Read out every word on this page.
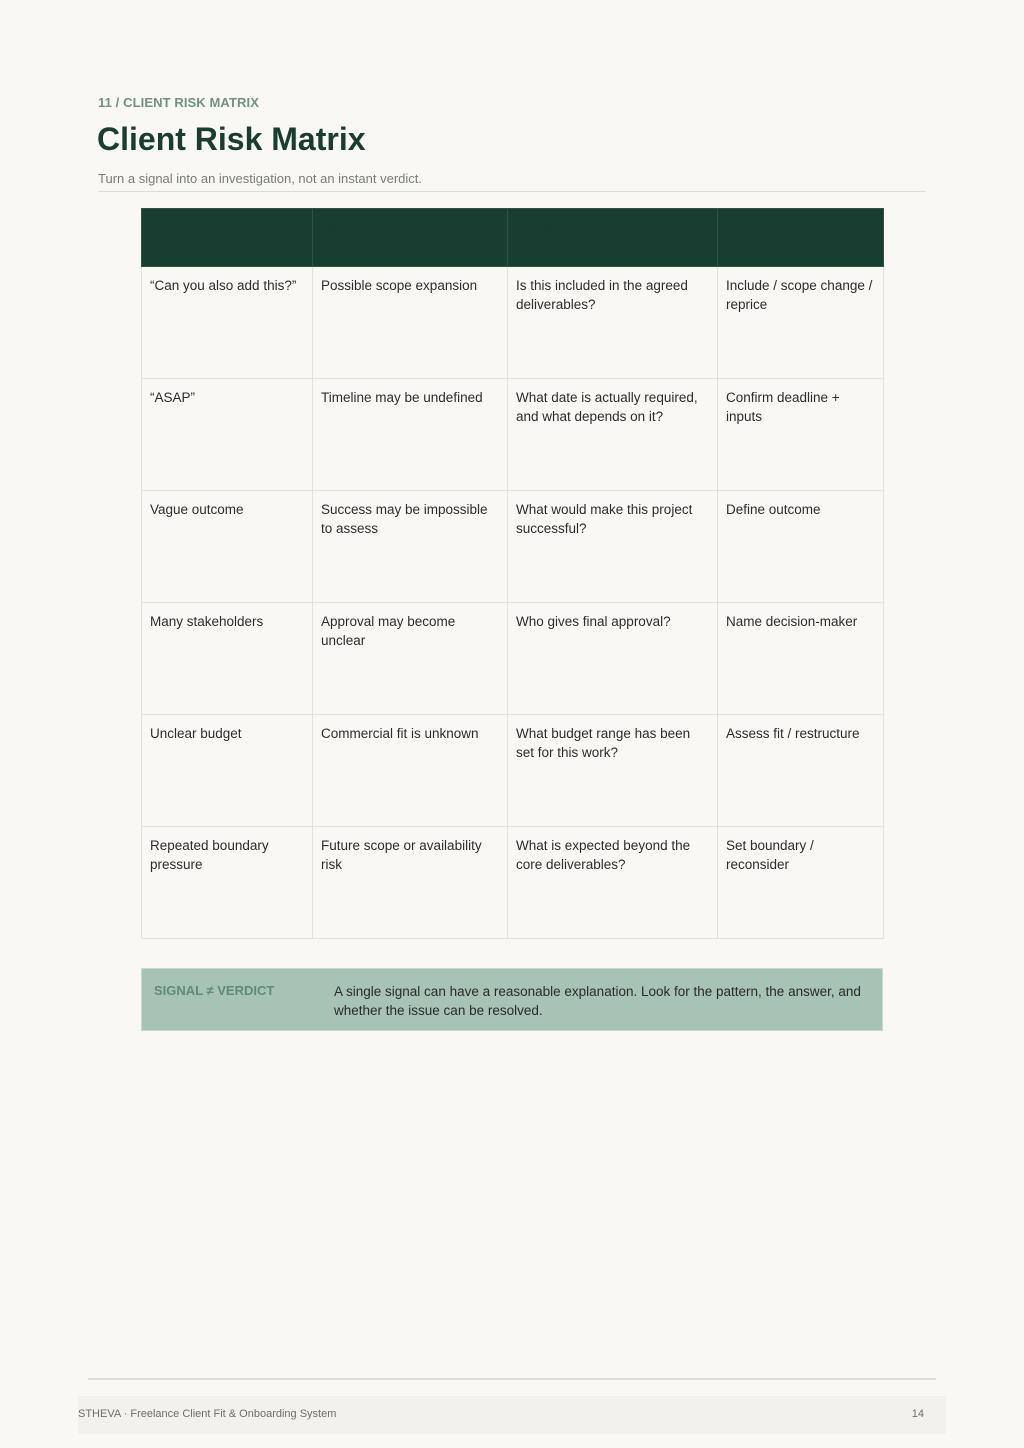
11 / CLIENT RISK MATRIX
Client Risk Matrix
Turn a signal into an investigation, not an instant verdict.
Signal	Why it matters	Question	Action
“Can you also add this?”	Possible scope expansion	Is this included in the agreed deliverables?	Include / scope change / reprice
“ASAP”	Timeline may be undefined	What date is actually required, and what depends on it?	Confirm deadline + inputs
Vague outcome	Success may be impossible to assess	What would make this project successful?	Define outcome
Many stakeholders	Approval may become unclear	Who gives final approval?	Name decision-maker
Unclear budget	Commercial fit is unknown	What budget range has been set for this work?	Assess fit / restructure
Repeated boundary pressure	Future scope or availability risk	What is expected beyond the core deliverables?	Set boundary / reconsider
SIGNAL ≠ VERDICT	A single signal can have a reasonable explanation. Look for the pattern, the answer, and whether the issue can be resolved.
STHEVA · Freelance Client Fit & Onboarding System	14
